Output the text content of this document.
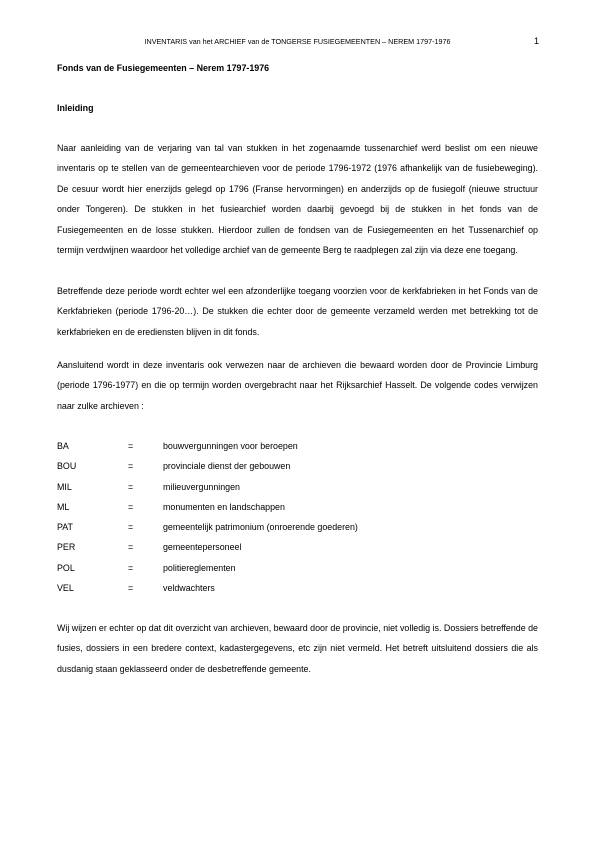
INVENTARIS van het ARCHIEF van de TONGERSE FUSIEGEMEENTEN – NEREM 1797-1976	1
Fonds van de Fusiegemeenten – Nerem 1797-1976
Inleiding

Naar aanleiding van de verjaring van tal van stukken in het zogenaamde tussenarchief werd beslist om een nieuwe inventaris op te stellen van de gemeentearchieven voor de periode 1796-1972 (1976 afhankelijk van de fusiebeweging). De cesuur wordt hier enerzijds gelegd op 1796 (Franse hervormingen) en anderzijds op de fusiegolf (nieuwe structuur onder Tongeren). De stukken in het fusiearchief worden daarbij gevoegd bij de stukken in het fonds van de Fusiegemeenten en de losse stukken. Hierdoor zullen de fondsen van de Fusiegemeenten en het Tussenarchief op termijn verdwijnen waardoor het volledige archief van de gemeente Berg te raadplegen zal zijn via deze ene toegang.

Betreffende deze periode wordt echter wel een afzonderlijke toegang voorzien voor de kerkfabrieken in het Fonds van de Kerkfabrieken (periode 1796-20…). De stukken die echter door de gemeente verzameld werden met betrekking tot de kerkfabrieken en de erediensten blijven in dit fonds.

Aansluitend wordt in deze inventaris ook verwezen naar de archieven die bewaard worden door de Provincie Limburg (periode 1796-1977) en die op termijn worden overgebracht naar het Rijksarchief Hasselt. De volgende codes verwijzen naar zulke archieven :

BA	=	bouwvergunningen voor beroepen
BOU	=	provinciale dienst der gebouwen
MIL	=	milieuvergunningen
ML	=	monumenten en landschappen
PAT	=	gemeentelijk patrimonium (onroerende goederen)
PER	=	gemeentepersoneel
POL	=	politiereglementen
VEL	=	veldwachters

Wij wijzen er echter op dat dit overzicht van archieven, bewaard door de provincie, niet volledig is. Dossiers betreffende de fusies, dossiers in een bredere context, kadastergegevens, etc zijn niet vermeld. Het betreft uitsluitend dossiers die als dusdanig staan geklasseerd onder de desbetreffende gemeente.
